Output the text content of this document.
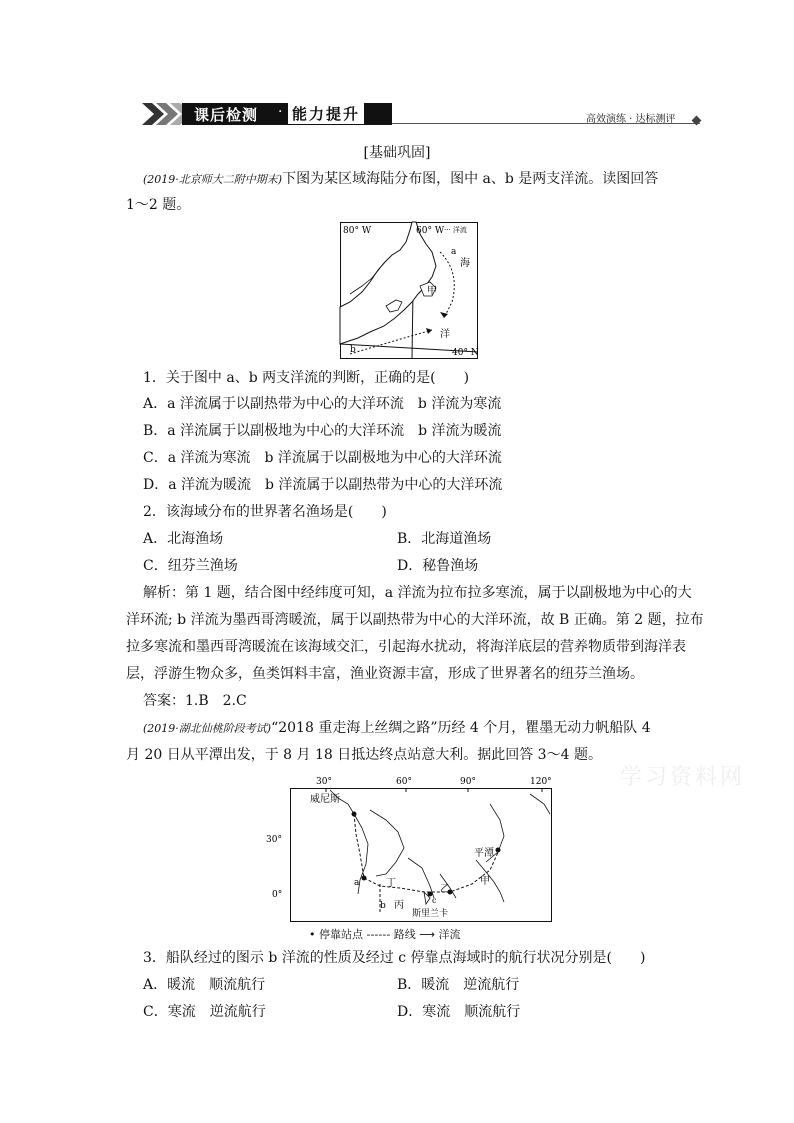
课后检测 · 能力提升	高效演练 · 达标测评
[基础巩固]
(2019·北京师大二附中期末)下图为某区域海陆分布图，图中 a、b 是两支洋流。读图回答
1～2 题。
80° W	60° W ··· 洋流
40° N
a
海
甲
洋
b
1．关于图中 a、b 两支洋流的判断，正确的是(　　)
A．a 洋流属于以副热带为中心的大洋环流　b 洋流为寒流
B．a 洋流属于以副极地为中心的大洋环流　b 洋流为暖流
C．a 洋流为寒流　b 洋流属于以副极地为中心的大洋环流
D．a 洋流为暖流　b 洋流属于以副热带为中心的大洋环流
2．该海域分布的世界著名渔场是(　　)
A．北海渔场	B．北海道渔场
C．纽芬兰渔场	D．秘鲁渔场
解析：第 1 题，结合图中经纬度可知，a 洋流为拉布拉多寒流，属于以副极地为中心的大
洋环流; b 洋流为墨西哥湾暖流，属于以副热带为中心的大洋环流，故 B 正确。第 2 题，拉布
拉多寒流和墨西哥湾暖流在该海域交汇，引起海水扰动，将海洋底层的营养物质带到海洋表
层，浮游生物众多，鱼类饵料丰富，渔业资源丰富，形成了世界著名的纽芬兰渔场。
答案：1.B　2.C
(2019·湖北仙桃阶段考试)“2018 重走海上丝绸之路”历经 4 个月，瞿墨无动力帆船队 4
月 20 日从平潭出发，于 8 月 18 日抵达终点站意大利。据此回答 3～4 题。
学习资料网
30°	60°	90°	120°
30°
0°
威尼斯
平潭
a
b
c
甲
乙
丙
丁
斯里兰卡
• 停靠站点 ------ 路线 ⟶ 洋流
3．船队经过的图示 b 洋流的性质及经过 c 停靠点海域时的航行状况分别是(　　)
A．暖流　顺流航行	B．暖流　逆流航行
C．寒流　逆流航行	D．寒流　顺流航行
